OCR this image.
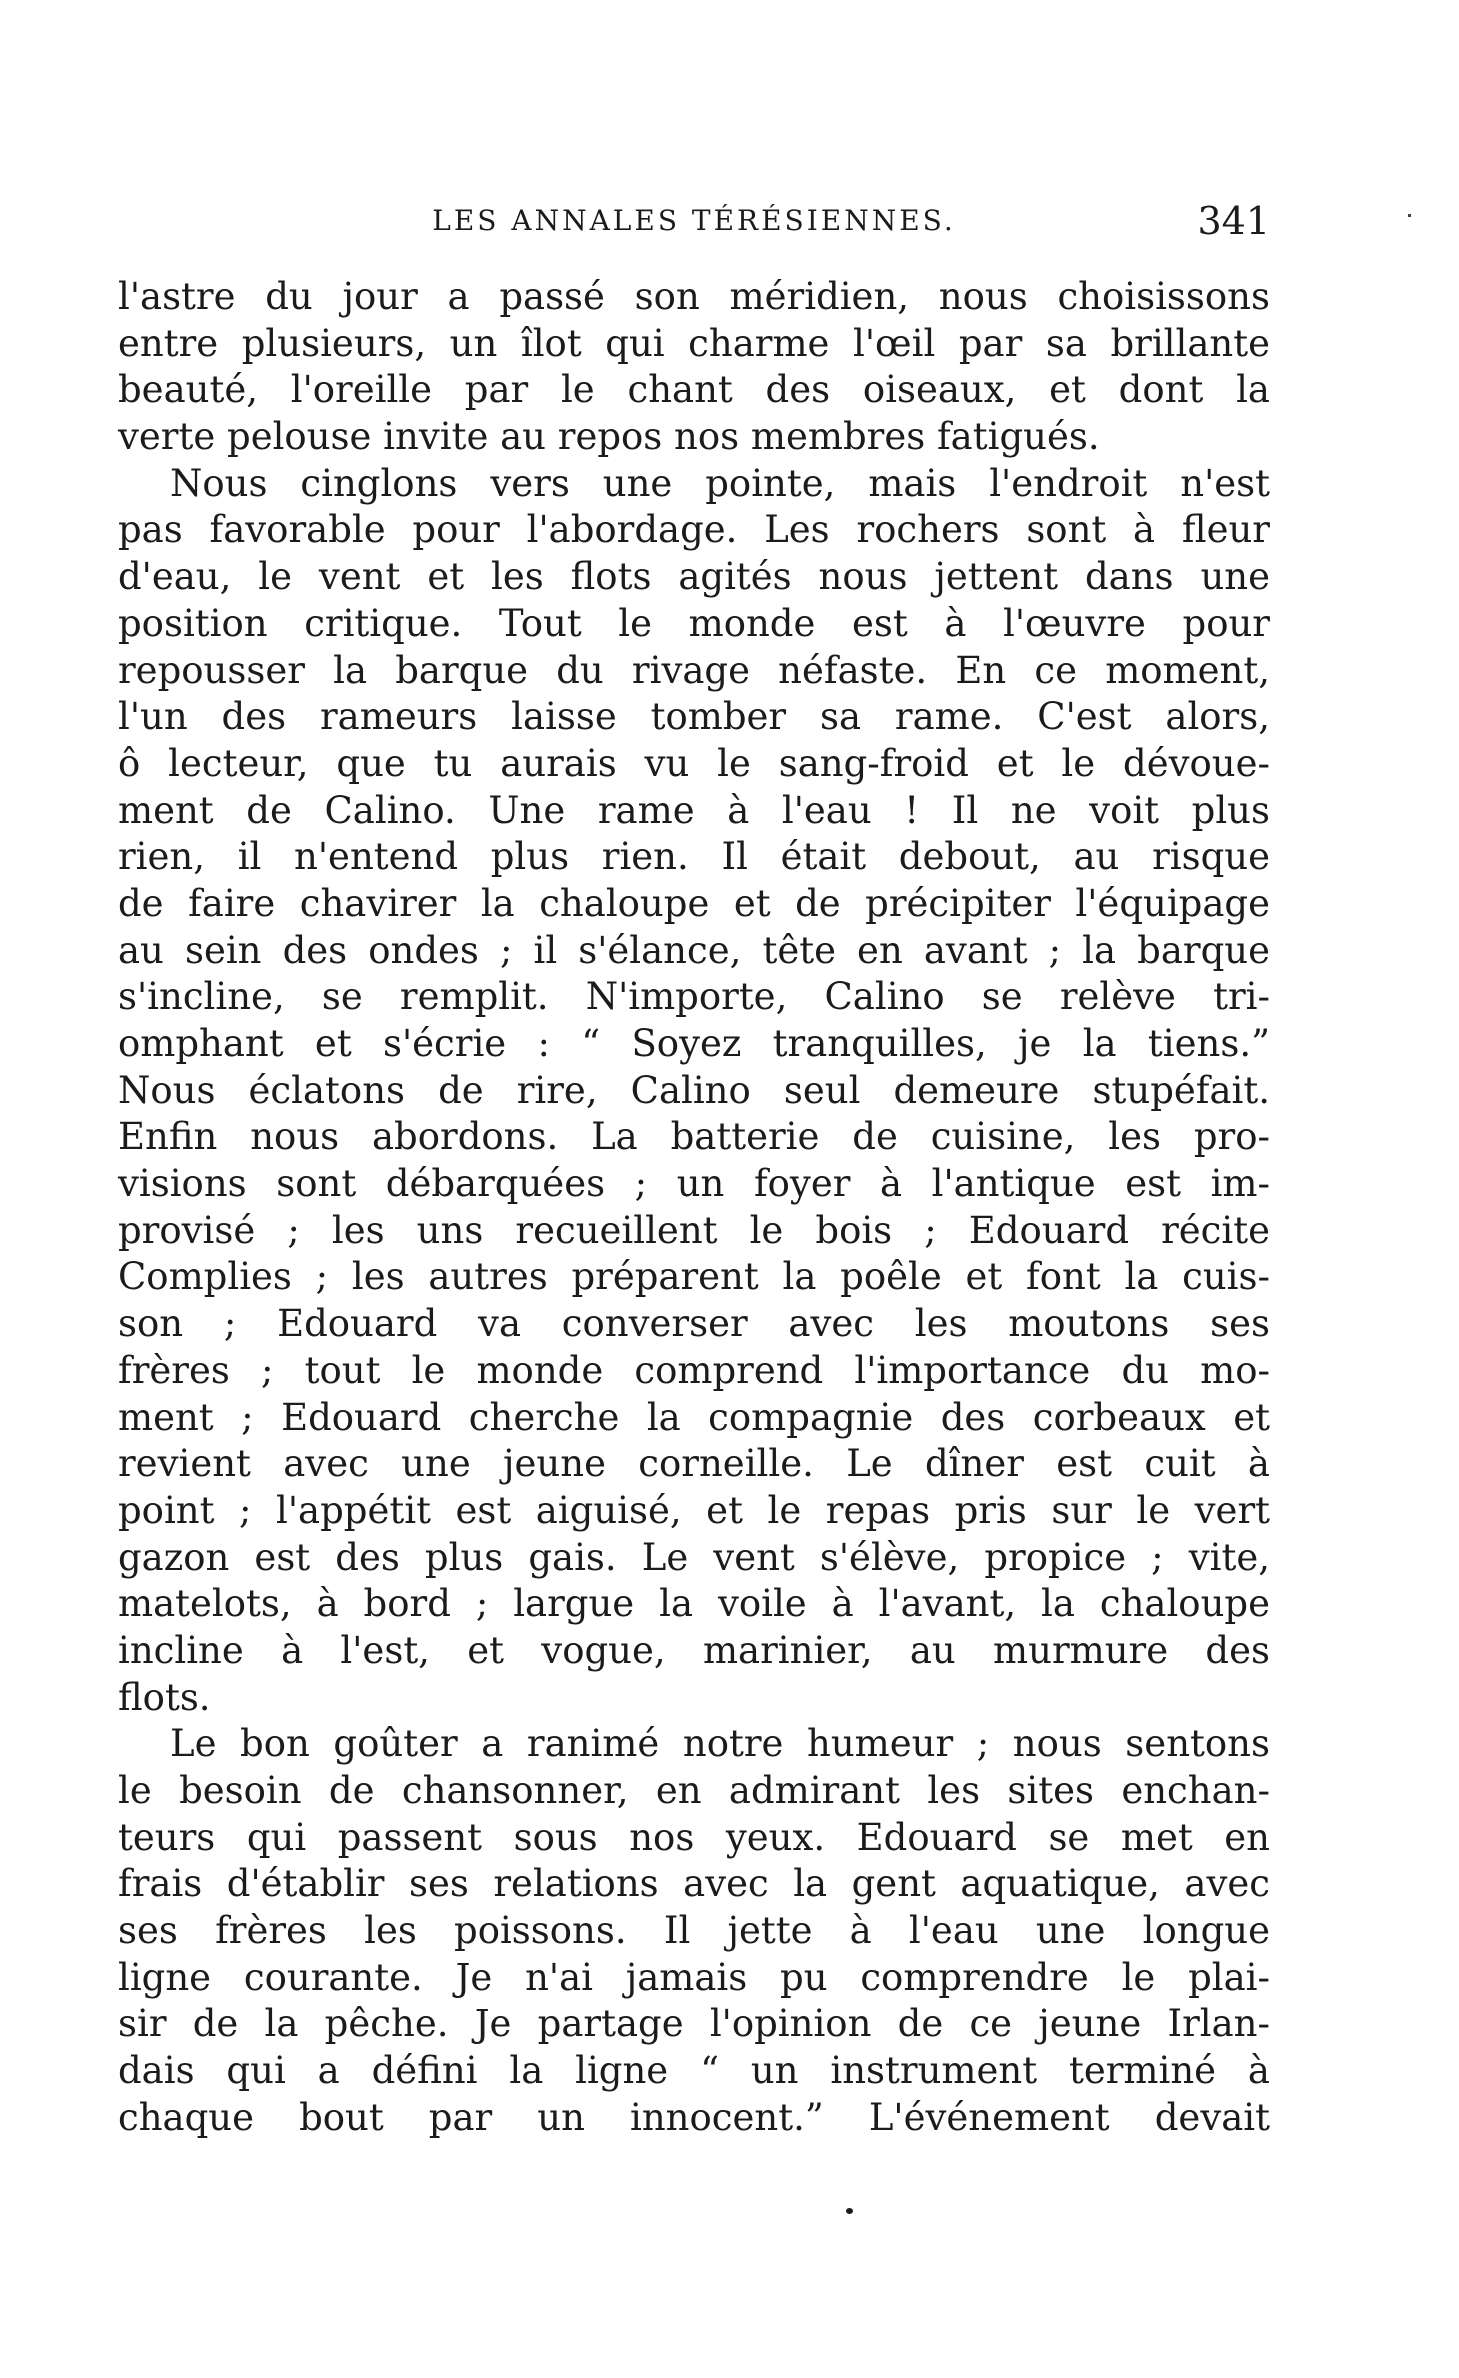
LES ANNALES TÉRÉSIENNES.	341
l'astre du jour a passé son méridien, nous choisissons
entre plusieurs, un îlot qui charme l'œil par sa brillante
beauté, l'oreille par le chant des oiseaux, et dont la
verte pelouse invite au repos nos membres fatigués.
Nous cinglons vers une pointe, mais l'endroit n'est
pas favorable pour l'abordage. Les rochers sont à fleur
d'eau, le vent et les flots agités nous jettent dans une
position critique. Tout le monde est à l'œuvre pour
repousser la barque du rivage néfaste. En ce moment,
l'un des rameurs laisse tomber sa rame. C'est alors,
ô lecteur, que tu aurais vu le sang-froid et le dévoue-
ment de Calino. Une rame à l'eau ! Il ne voit plus
rien, il n'entend plus rien. Il était debout, au risque
de faire chavirer la chaloupe et de précipiter l'équipage
au sein des ondes ; il s'élance, tête en avant ; la barque
s'incline, se remplit. N'importe, Calino se relève tri-
omphant et s'écrie : “ Soyez tranquilles, je la tiens.”
Nous éclatons de rire, Calino seul demeure stupéfait.
Enfin nous abordons. La batterie de cuisine, les pro-
visions sont débarquées ; un foyer à l'antique est im-
provisé ; les uns recueillent le bois ; Edouard récite
Complies ; les autres préparent la poêle et font la cuis-
son ; Edouard va converser avec les moutons ses
frères ; tout le monde comprend l'importance du mo-
ment ; Edouard cherche la compagnie des corbeaux et
revient avec une jeune corneille. Le dîner est cuit à
point ; l'appétit est aiguisé, et le repas pris sur le vert
gazon est des plus gais. Le vent s'élève, propice ; vite,
matelots, à bord ; largue la voile à l'avant, la chaloupe
incline à l'est, et vogue, marinier, au murmure des
flots.
Le bon goûter a ranimé notre humeur ; nous sentons
le besoin de chansonner, en admirant les sites enchan-
teurs qui passent sous nos yeux. Edouard se met en
frais d'établir ses relations avec la gent aquatique, avec
ses frères les poissons. Il jette à l'eau une longue
ligne courante. Je n'ai jamais pu comprendre le plai-
sir de la pêche. Je partage l'opinion de ce jeune Irlan-
dais qui a défini la ligne “ un instrument terminé à
chaque bout par un innocent.” L'événement devait
